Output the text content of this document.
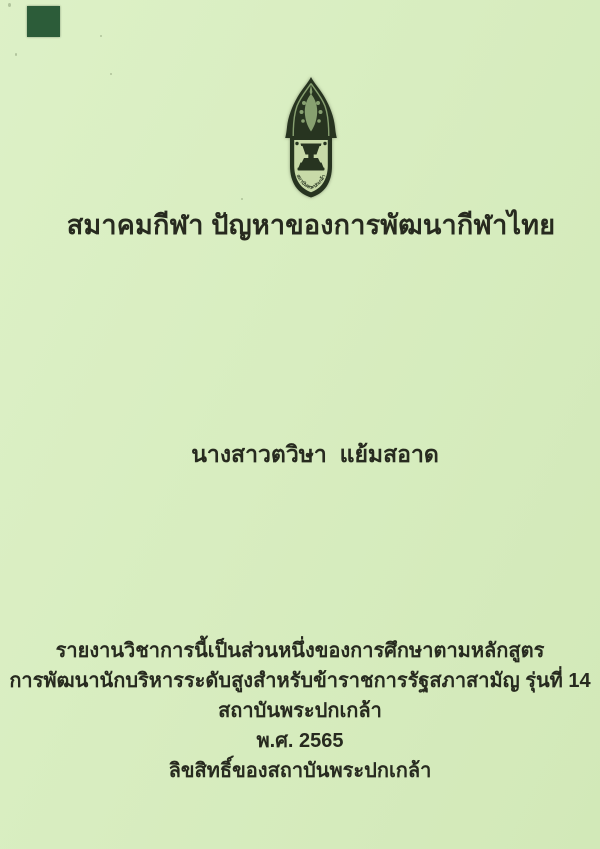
สถาบันพระปกเกล้า
สมาคมกีฬา ปัญหาของการพัฒนากีฬาไทย
นางสาวตวิษา  แย้มสอาด
รายงานวิชาการนี้เป็นส่วนหนึ่งของการศึกษาตามหลักสูตร
การพัฒนานักบริหารระดับสูงสำหรับข้าราชการรัฐสภาสามัญ รุ่นที่ 14
สถาบันพระปกเกล้า
พ.ศ. 2565
ลิขสิทธิ์ของสถาบันพระปกเกล้า
